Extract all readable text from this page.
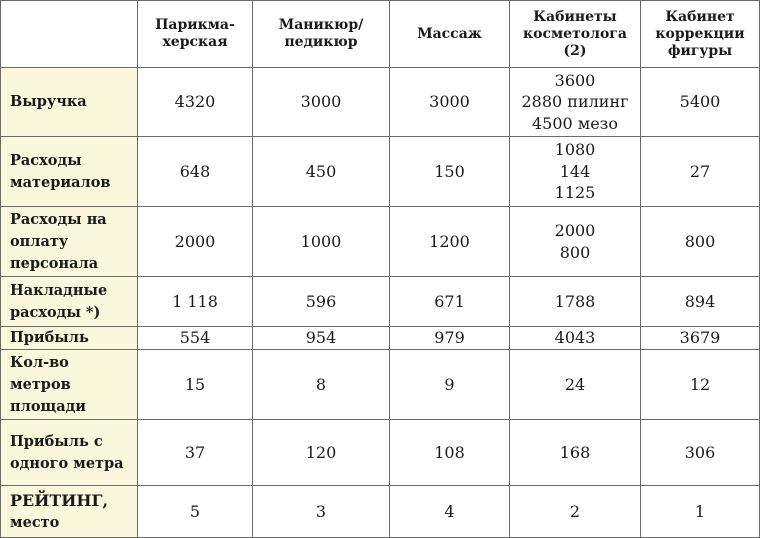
	Парикма-
херская	Маникюр/
педикюр	Массаж	Кабинеты
косметолога
(2)	Кабинет
коррекции
фигуры

Выручка	4320	3000	3000	3600
2880 пилинг
4500 мезо	5400

Расходы
материалов	648	450	150	1080
144
1125	27

Расходы на
оплату
персонала	2000	1000	1200	2000
800	800

Накладные
расходы *)	1 118	596	671	1788	894

Прибыль	554	954	979	4043	3679

Кол-во
метров
площади	15	8	9	24	12

Прибыль с
одного метра	37	120	108	168	306

РЕЙТИНГ,
место	5	3	4	2	1
